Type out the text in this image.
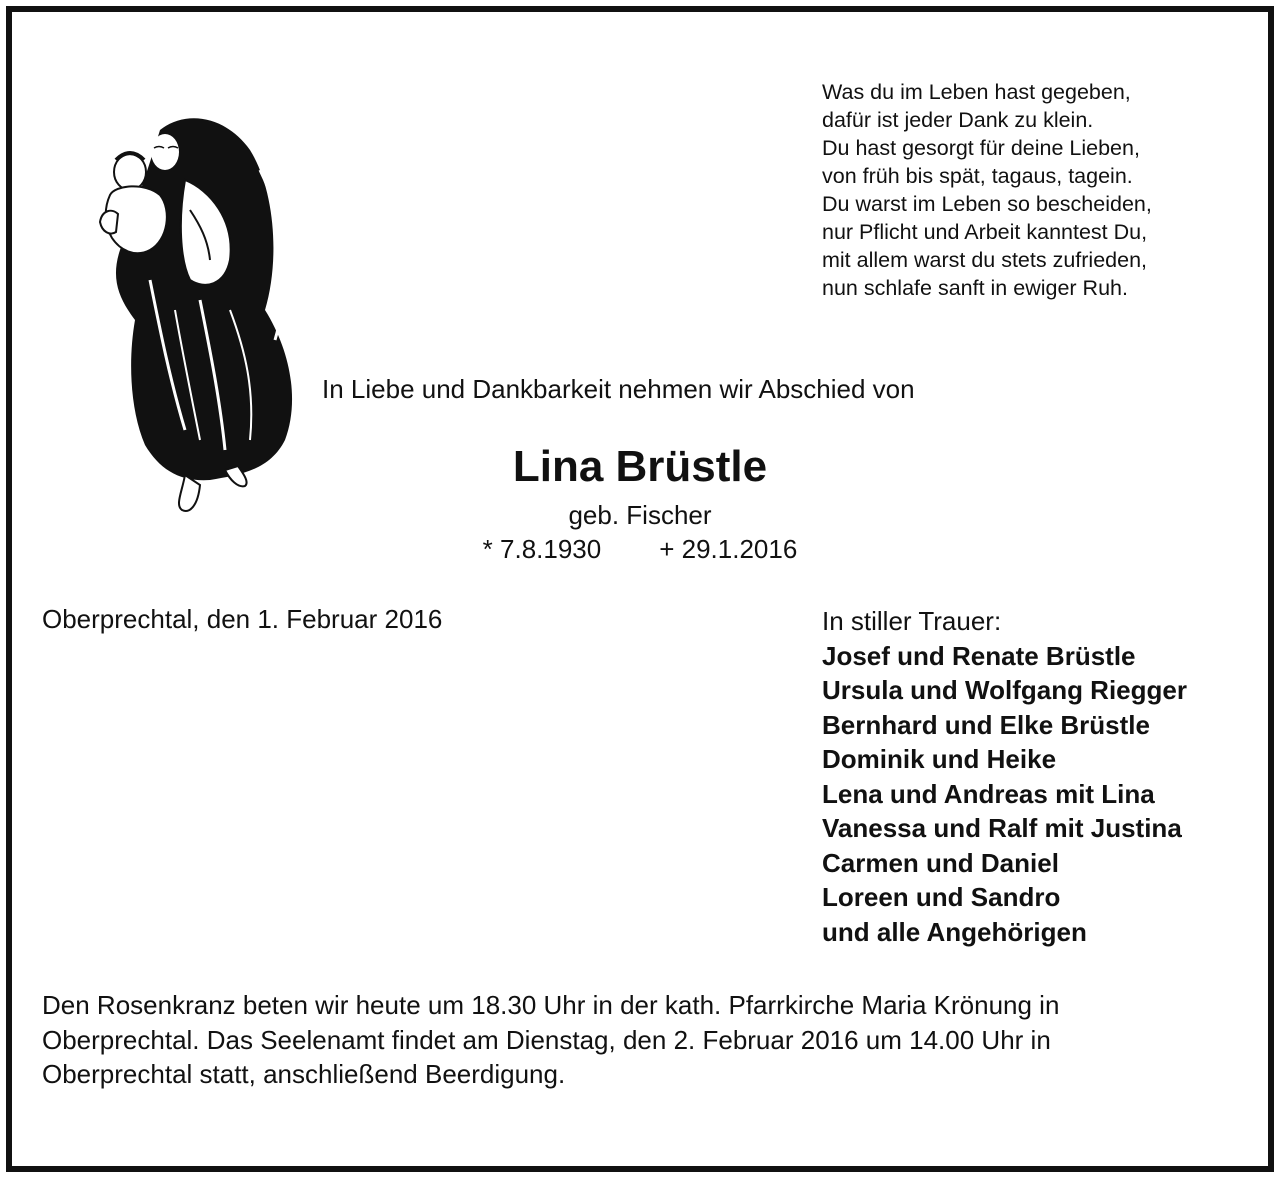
Was du im Leben hast gegeben,
dafür ist jeder Dank zu klein.
Du hast gesorgt für deine Lieben,
von früh bis spät, tagaus, tagein.
Du warst im Leben so bescheiden,
nur Pflicht und Arbeit kanntest Du,
mit allem warst du stets zufrieden,
nun schlafe sanft in ewiger Ruh.
In Liebe und Dankbarkeit nehmen wir Abschied von
Lina Brüstle
geb. Fischer
* 7.8.1930 + 29.1.2016
Oberprechtal, den 1. Februar 2016	In stiller Trauer:
Josef und Renate Brüstle
Ursula und Wolfgang Riegger
Bernhard und Elke Brüstle
Dominik und Heike
Lena und Andreas mit Lina
Vanessa und Ralf mit Justina
Carmen und Daniel
Loreen und Sandro
und alle Angehörigen
Den Rosenkranz beten wir heute um 18.30 Uhr in der kath. Pfarrkirche Maria Krönung in
Oberprechtal. Das Seelenamt findet am Dienstag, den 2. Februar 2016 um 14.00 Uhr in
Oberprechtal statt, anschließend Beerdigung.
